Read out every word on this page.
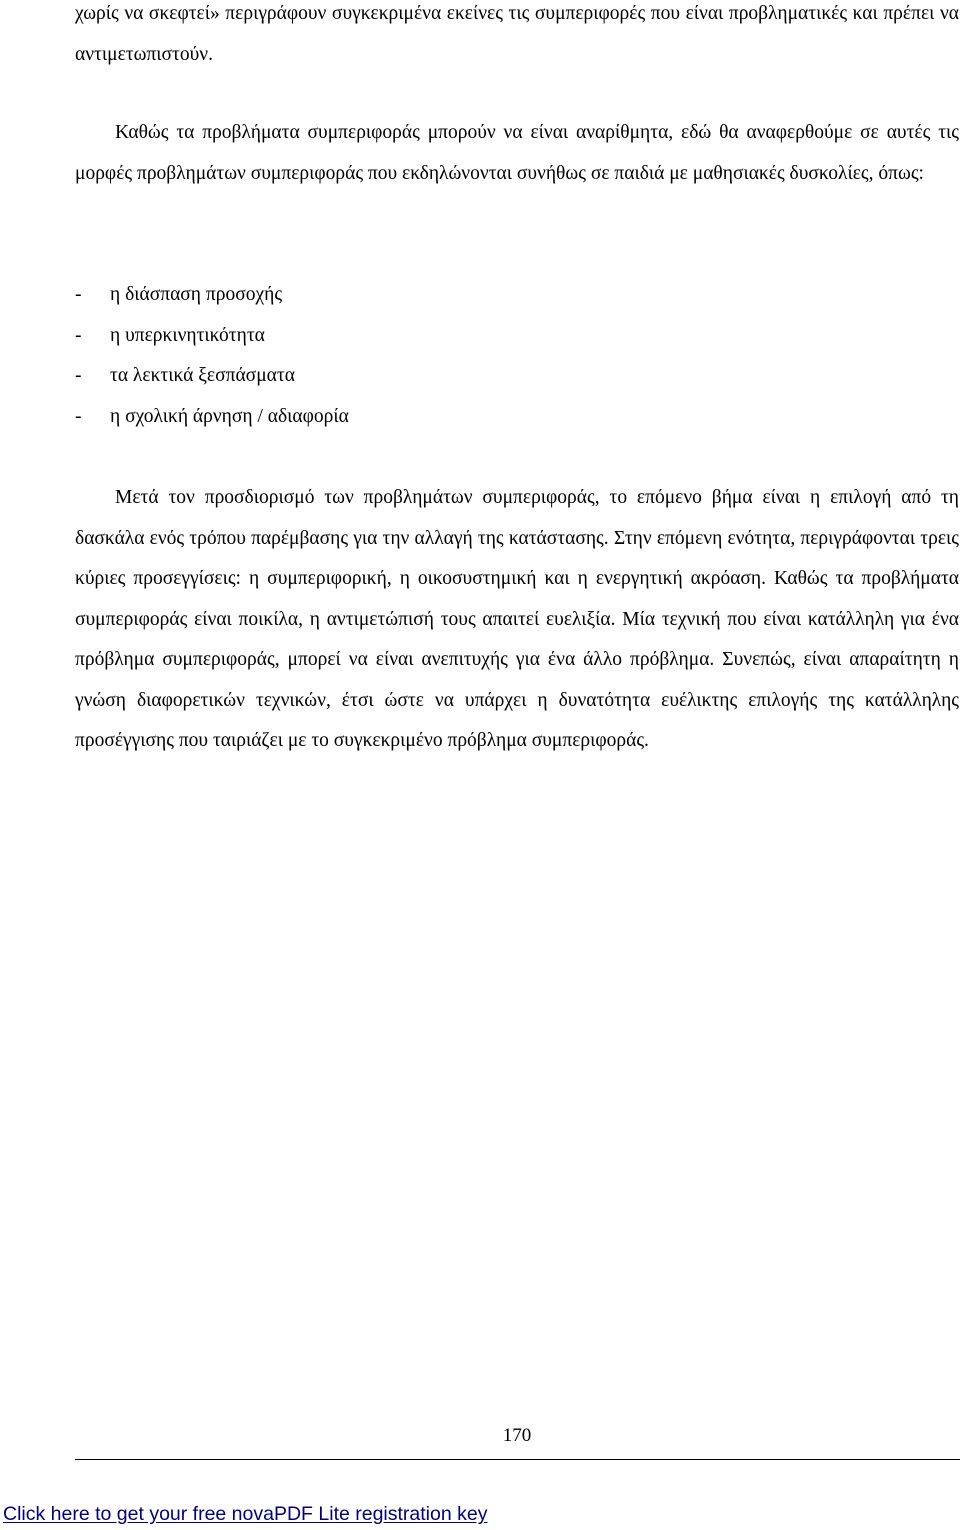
χωρίς να σκεφτεί» περιγράφουν συγκεκριμένα εκείνες τις συμπεριφορές που είναι προβληματικές και πρέπει να αντιμετωπιστούν.

Καθώς τα προβλήματα συμπεριφοράς μπορούν να είναι αναρίθμητα, εδώ θα αναφερθούμε σε αυτές τις μορφές προβλημάτων συμπεριφοράς που εκδηλώνονται συνήθως σε παιδιά με μαθησιακές δυσκολίες, όπως:

-	η διάσπαση προσοχής
-	η υπερκινητικότητα
-	τα λεκτικά ξεσπάσματα
-	η σχολική άρνηση / αδιαφορία

Μετά τον προσδιορισμό των προβλημάτων συμπεριφοράς, το επόμενο βήμα είναι η επιλογή από τη δασκάλα ενός τρόπου παρέμβασης για την αλλαγή της κατάστασης. Στην επόμενη ενότητα, περιγράφονται τρεις κύριες προσεγγίσεις: η συμπεριφορική, η οικοσυστημική και η ενεργητική ακρόαση. Καθώς τα προβλήματα συμπεριφοράς είναι ποικίλα, η αντιμετώπισή τους απαιτεί ευελιξία. Μία τεχνική που είναι κατάλληλη για ένα πρόβλημα συμπεριφοράς, μπορεί να είναι ανεπιτυχής για ένα άλλο πρόβλημα. Συνεπώς, είναι απαραίτητη η γνώση διαφορετικών τεχνικών, έτσι ώστε να υπάρχει η δυνατότητα ευέλικτης επιλογής της κατάλληλης προσέγγισης που ταιριάζει με το συγκεκριμένο πρόβλημα συμπεριφοράς.

170
Click here to get your free novaPDF Lite registration key
